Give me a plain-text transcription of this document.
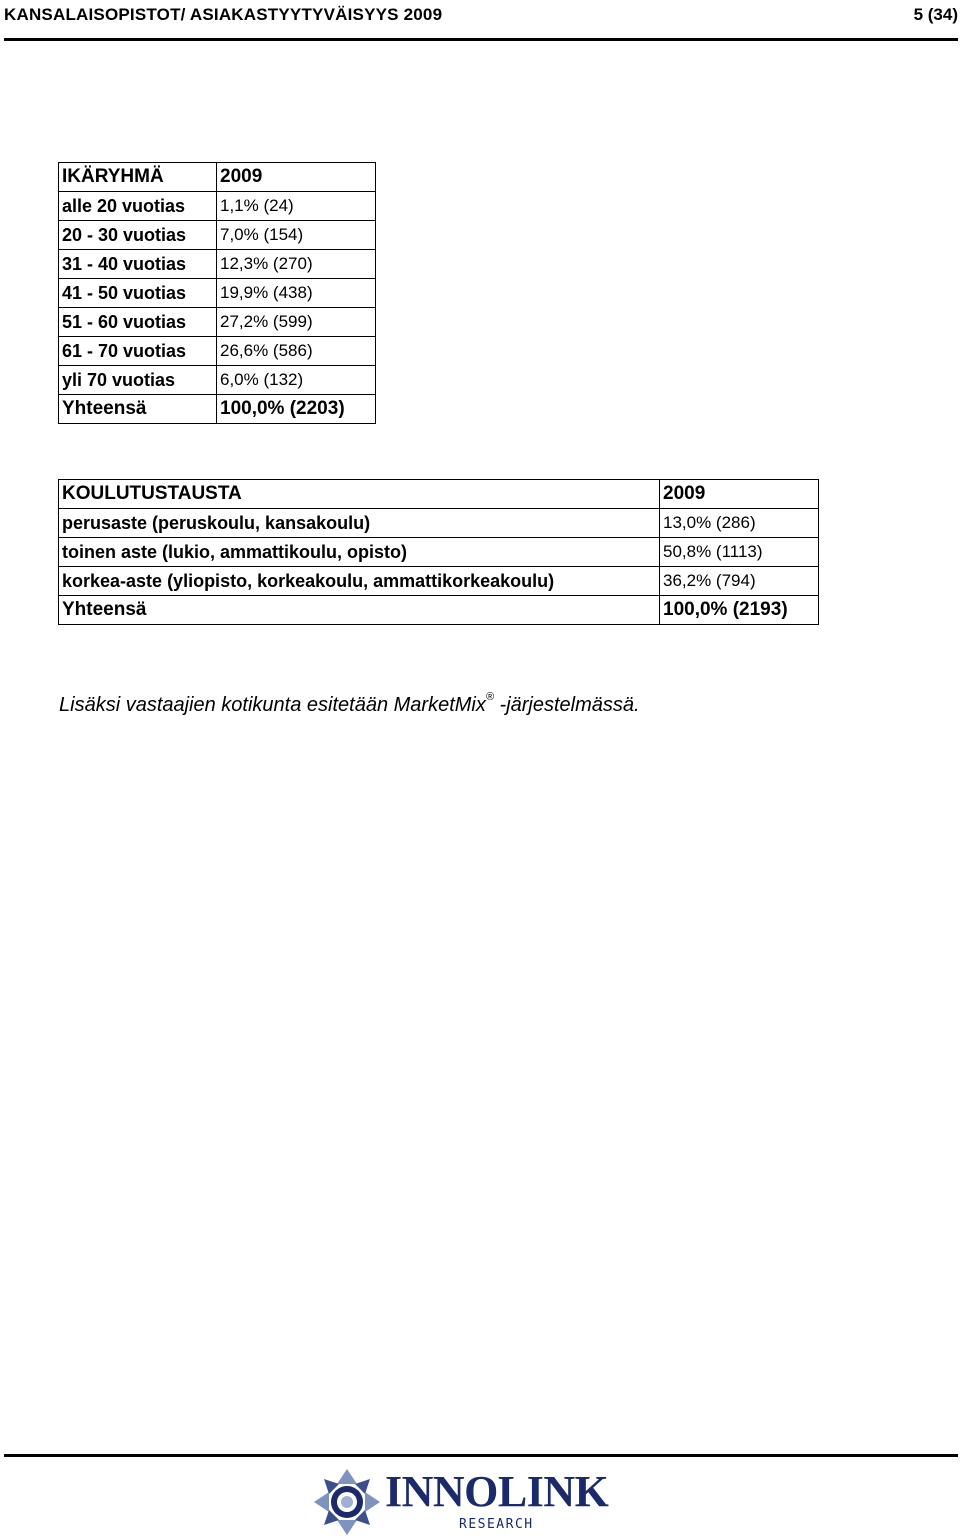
KANSALAISOPISTOT/ ASIAKASTYYTYVÄISYYS 2009	5 (34)
IKÄRYHMÄ	2009
alle 20 vuotias	1,1% (24)
20 - 30 vuotias	7,0% (154)
31 - 40 vuotias	12,3% (270)
41 - 50 vuotias	19,9% (438)
51 - 60 vuotias	27,2% (599)
61 - 70 vuotias	26,6% (586)
yli 70 vuotias	6,0% (132)
Yhteensä	100,0% (2203)
KOULUTUSTAUSTA	2009
perusaste (peruskoulu, kansakoulu)	13,0% (286)
toinen aste (lukio, ammattikoulu, opisto)	50,8% (1113)
korkea-aste (yliopisto, korkeakoulu, ammattikorkeakoulu)	36,2% (794)
Yhteensä	100,0% (2193)
Lisäksi vastaajien kotikunta esitetään MarketMix® -järjestelmässä.
INNOLINK
RESEARCH
